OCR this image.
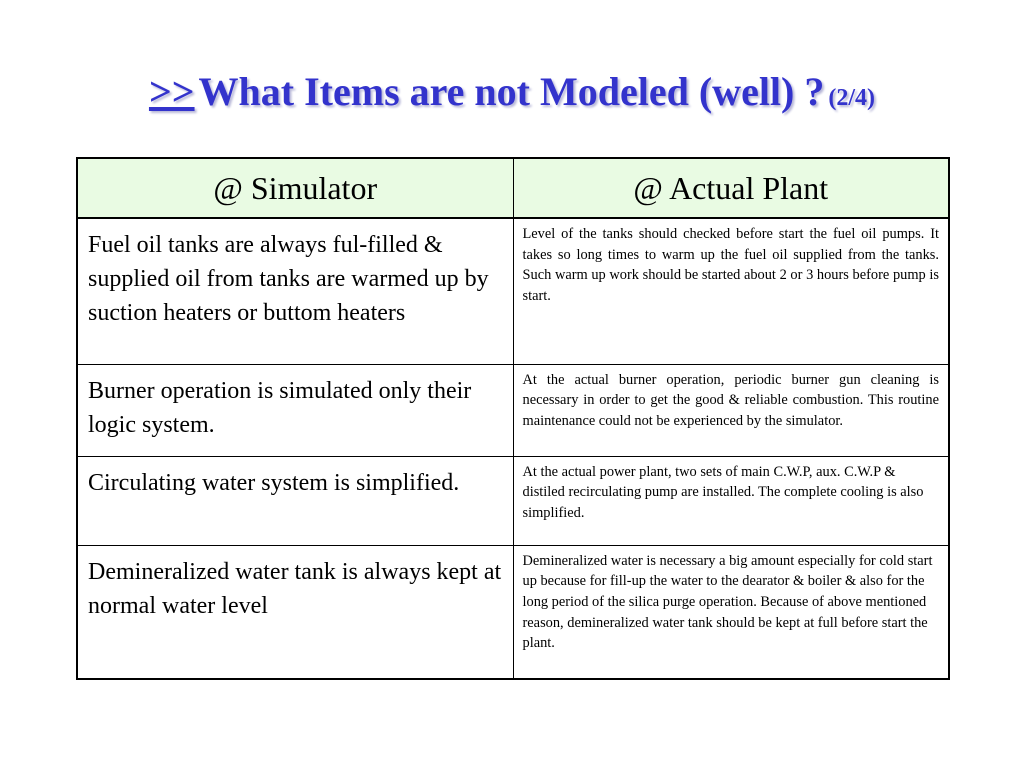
>> What Items are not Modeled (well) ? (2/4)
@ Simulator	@ Actual Plant
Fuel oil tanks are always ful-filled & supplied oil from tanks are warmed up by suction heaters or buttom heaters	Level of the tanks should checked before start the fuel oil pumps. It takes so long times to warm up the fuel oil supplied from the tanks. Such warm up work should be started about 2 or 3 hours before pump is start.
Burner operation is simulated only their logic system.	At the actual burner operation, periodic burner gun cleaning is necessary in order to get the good & reliable combustion. This routine maintenance could not be experienced by the simulator.
Circulating water system is simplified.	At the actual power plant, two sets of main C.W.P, aux. C.W.P & distiled recirculating pump are installed. The complete cooling is also simplified.
Demineralized water tank is always kept at normal water level	Demineralized water is necessary a big amount especially for cold start up because for fill-up the water to the dearator & boiler & also for the long period of the silica purge operation. Because of above mentioned reason, demineralized water tank should be kept at full before start the plant.
